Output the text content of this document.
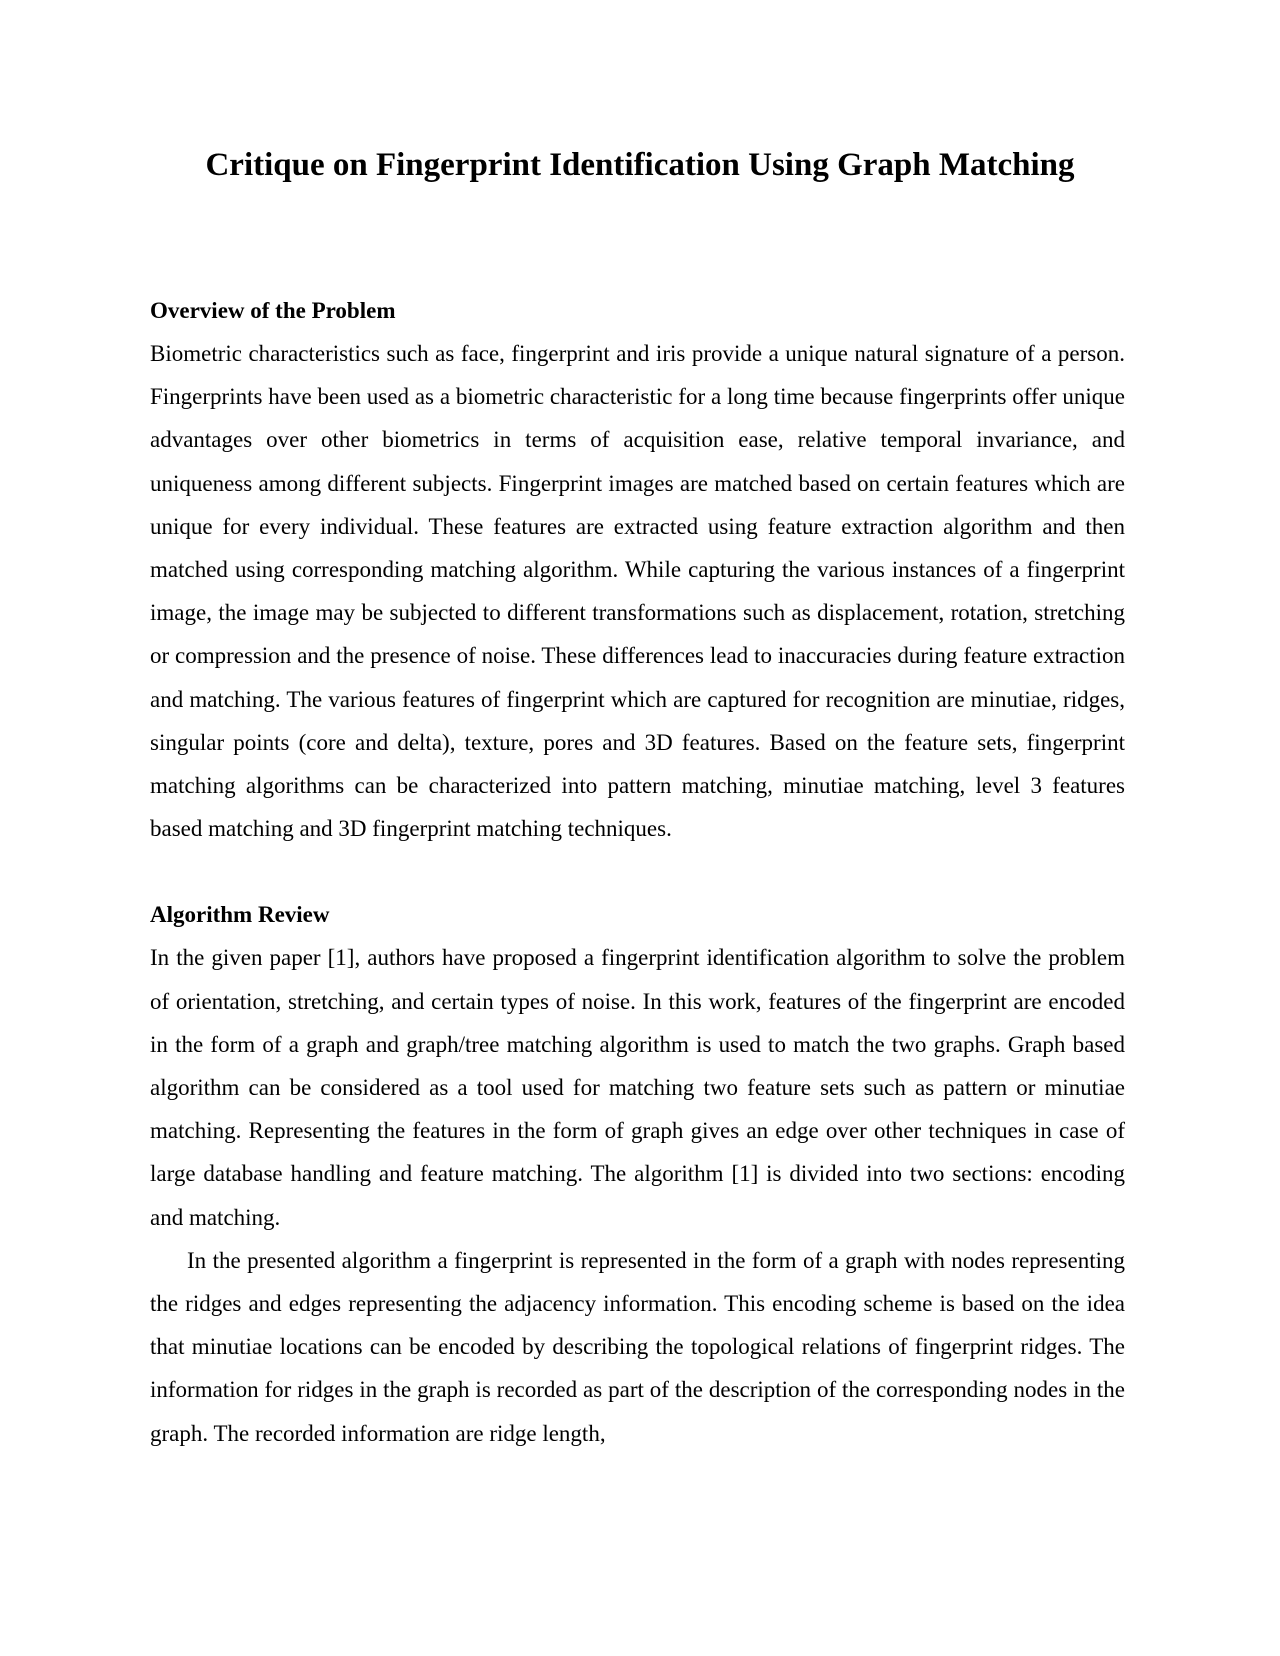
Critique on Fingerprint Identification Using Graph Matching
Overview of the Problem

Biometric characteristics such as face, fingerprint and iris provide a unique natural signature of a person. Fingerprints have been used as a biometric characteristic for a long time because fingerprints offer unique advantages over other biometrics in terms of acquisition ease, relative temporal invariance, and uniqueness among different subjects. Fingerprint images are matched based on certain features which are unique for every individual. These features are extracted using feature extraction algorithm and then matched using corresponding matching algorithm. While capturing the various instances of a fingerprint image, the image may be subjected to different transformations such as displacement, rotation, stretching or compression and the presence of noise. These differences lead to inaccuracies during feature extraction and matching. The various features of fingerprint which are captured for recognition are minutiae, ridges, singular points (core and delta), texture, pores and 3D features. Based on the feature sets, fingerprint matching algorithms can be characterized into pattern matching, minutiae matching, level 3 features based matching and 3D fingerprint matching techniques.

Algorithm Review

In the given paper [1], authors have proposed a fingerprint identification algorithm to solve the problem of orientation, stretching, and certain types of noise. In this work, features of the fingerprint are encoded in the form of a graph and graph/tree matching algorithm is used to match the two graphs. Graph based algorithm can be considered as a tool used for matching two feature sets such as pattern or minutiae matching. Representing the features in the form of graph gives an edge over other techniques in case of large database handling and feature matching. The algorithm [1] is divided into two sections: encoding and matching.

In the presented algorithm a fingerprint is represented in the form of a graph with nodes representing the ridges and edges representing the adjacency information. This encoding scheme is based on the idea that minutiae locations can be encoded by describing the topological relations of fingerprint ridges. The information for ridges in the graph is recorded as part of the description of the corresponding nodes in the graph. The recorded information are ridge length,
